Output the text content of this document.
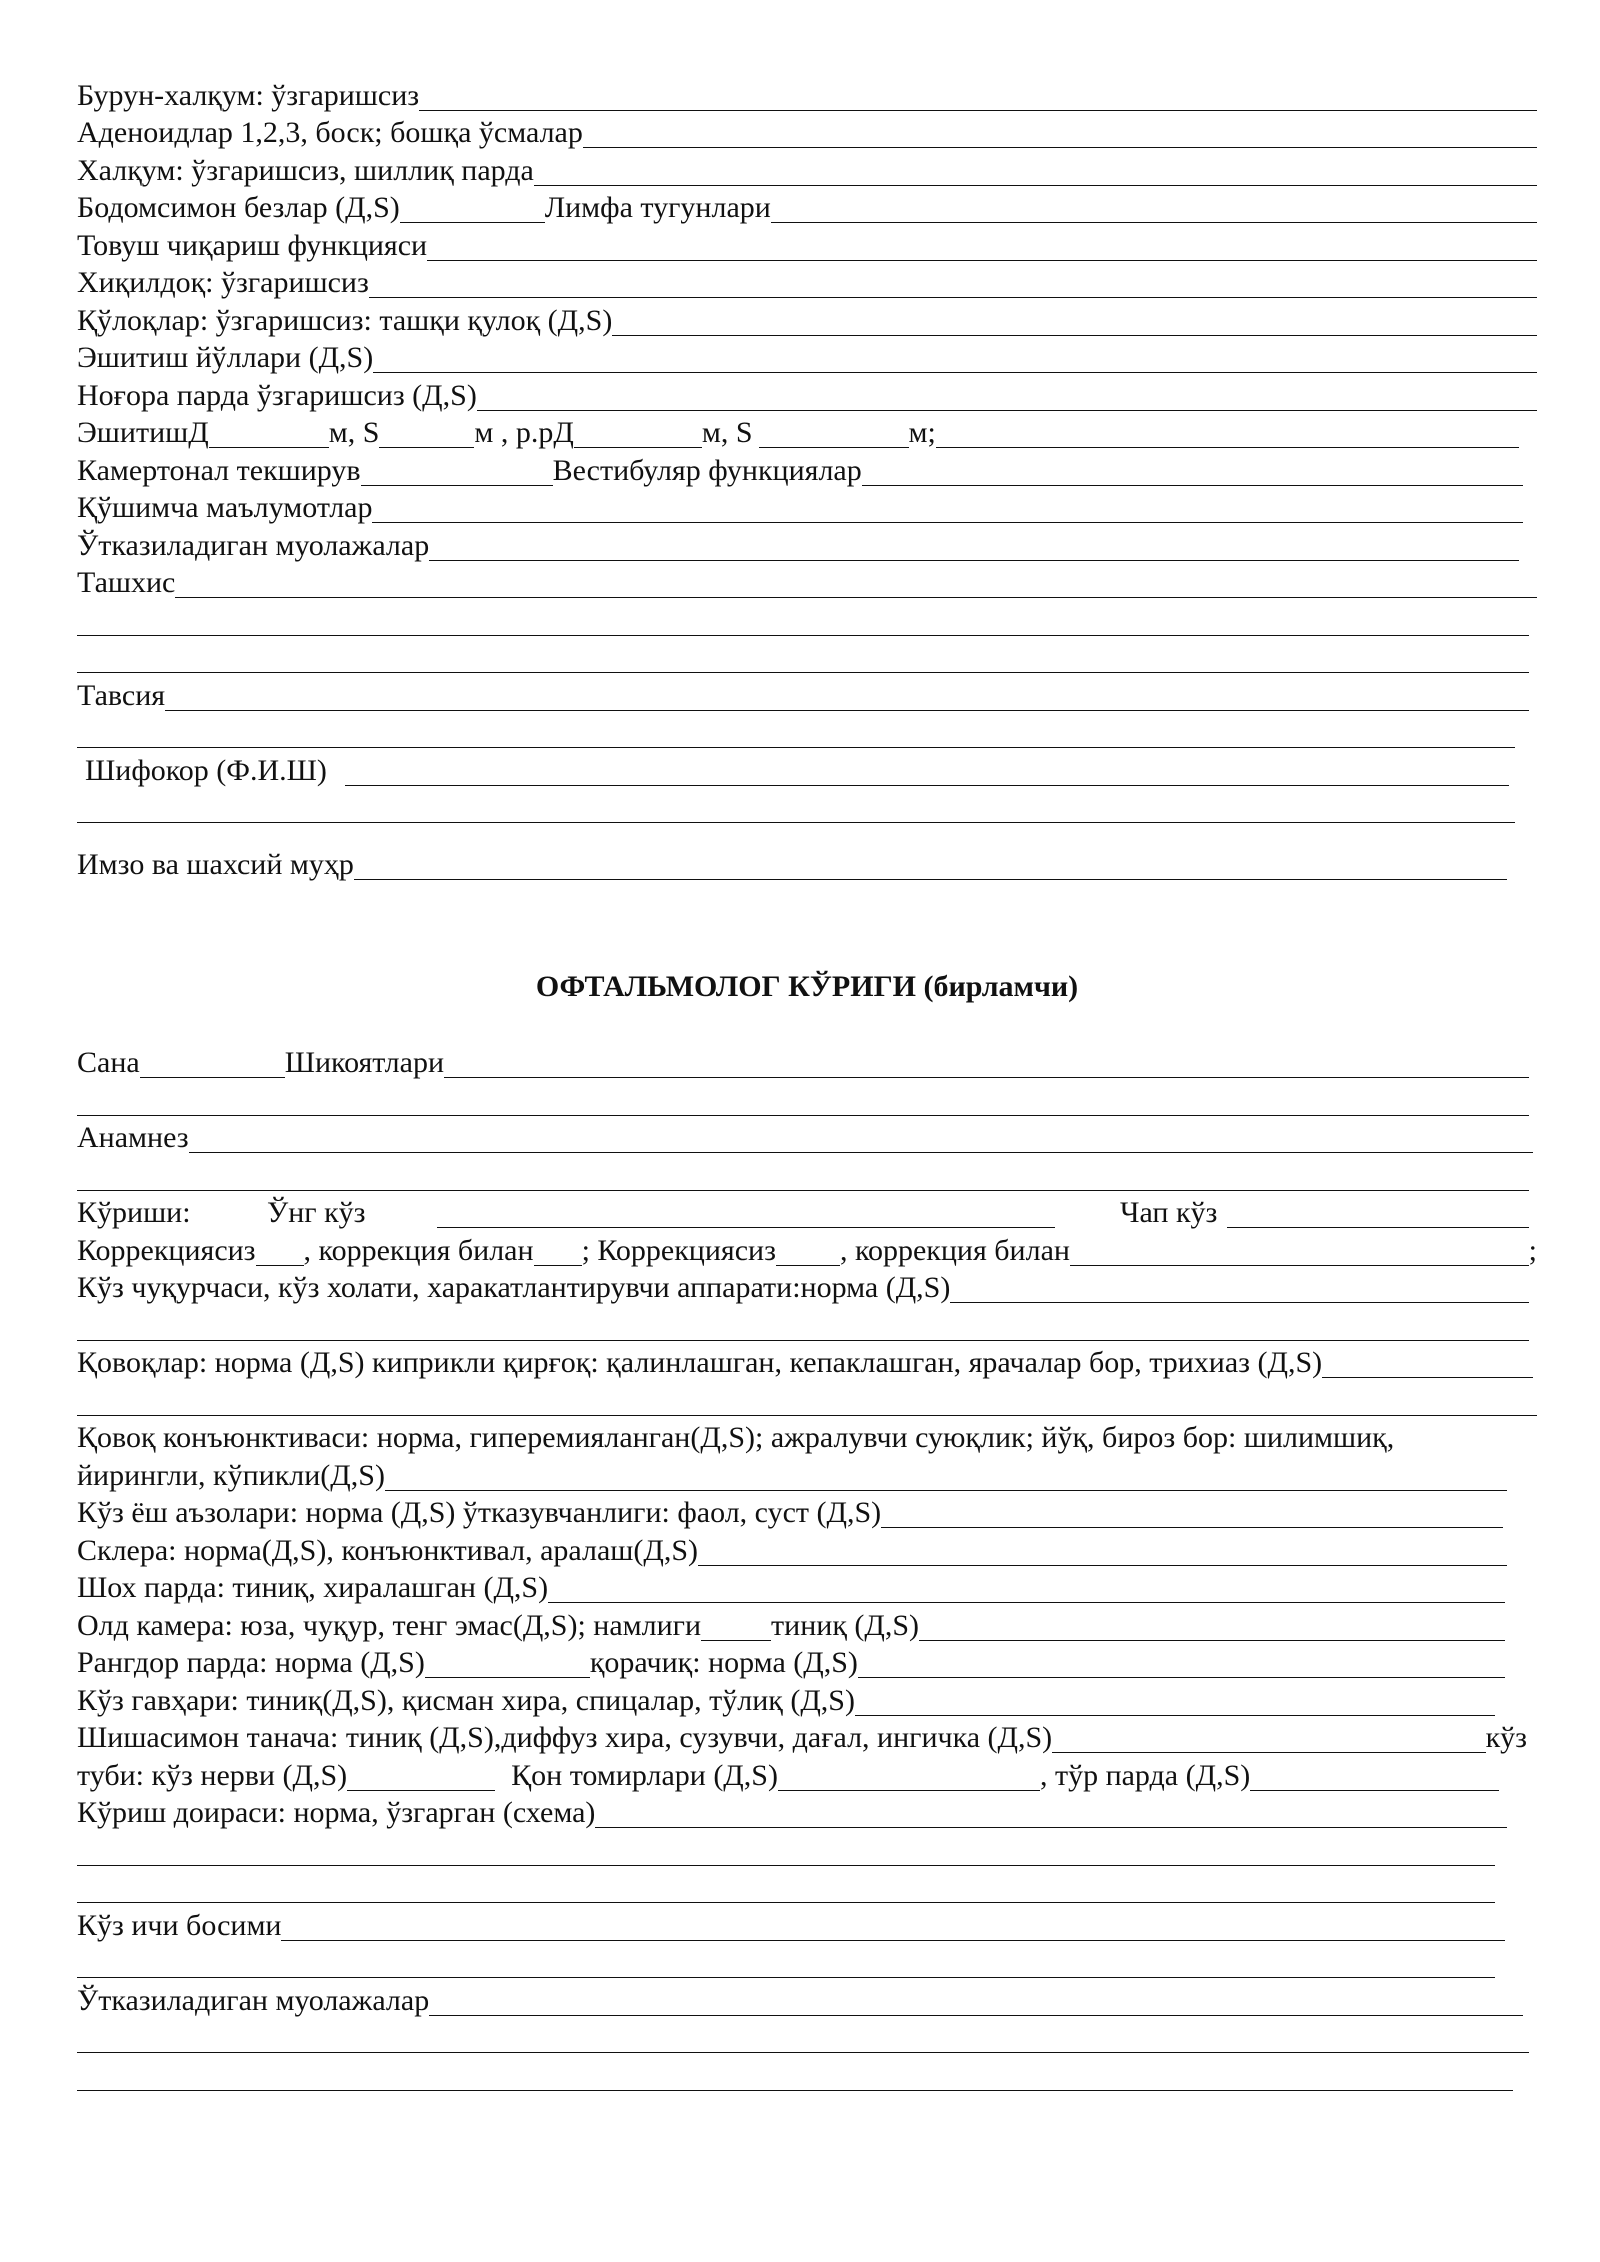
Бурун-халқум: ўзгаришсиз
Аденоидлар 1,2,3, боск; бошқа ўсмалар
Халқум: ўзгаришсиз, шиллиқ парда
Бодомсимон безлар (Д,S)	Лимфа тугунлари
Товуш чиқариш функцияси
Хиқилдоқ: ўзгаришсиз
Қўлоқлар: ўзгаришсиз: ташқи қулоқ (Д,S)
Эшитиш йўллари (Д,S)
Ноғора парда ўзгаришсиз (Д,S)
ЭшитишД	м, S	м , р.рД	м, S	м;
Камертонал текширув	Вестибуляр функциялар
Қўшимча маълумотлар
Ўтказиладиган муолажалар
Ташхис
Тавсия
Шифокор (Ф.И.Ш)
Имзо ва шахсий муҳр
ОФТАЛЬМОЛОГ КЎРИГИ (бирламчи)
Сана	Шикоятлари
Анамнез
Кўриши:	Ўнг кўз	Чап кўз
Коррекциясиз , коррекция билан ; Коррекциясиз , коррекция билан	;
Кўз чуқурчаси, кўз холати, харакатлантирувчи аппарати:норма (Д,S)
Қовоқлар: норма (Д,S) киприкли қирғоқ: қалинлашган, кепаклашган, ярачалар бор, трихиаз (Д,S)
Қовоқ конъюнктиваси: норма, гиперемияланган(Д,S); ажралувчи суюқлик; йўқ, бироз бор: шилимшиқ,
йирингли, кўпикли(Д,S)
Кўз ёш аъзолари: норма (Д,S) ўтказувчанлиги: фаол, суст (Д,S)
Склера: норма(Д,S), конъюнктивал, аралаш(Д,S)
Шох парда: тиниқ, хиралашган (Д,S)
Олд камера: юза, чуқур, тенг эмас(Д,S); намлиги тиниқ (Д,S)
Рангдор парда: норма (Д,S)	қорачиқ: норма (Д,S)
Кўз гавҳари: тиниқ(Д,S), қисман хира, спицалар, тўлиқ (Д,S)
Шишасимон танача: тиниқ (Д,S),диффуз хира, сузувчи, дағал, ингичка (Д,S)	кўз
туби: кўз нерви (Д,S)	Қон томирлари (Д,S)	, тўр парда (Д,S)
Кўриш доираси: норма, ўзгарган (схема)
Кўз ичи босими
Ўтказиладиган муолажалар
